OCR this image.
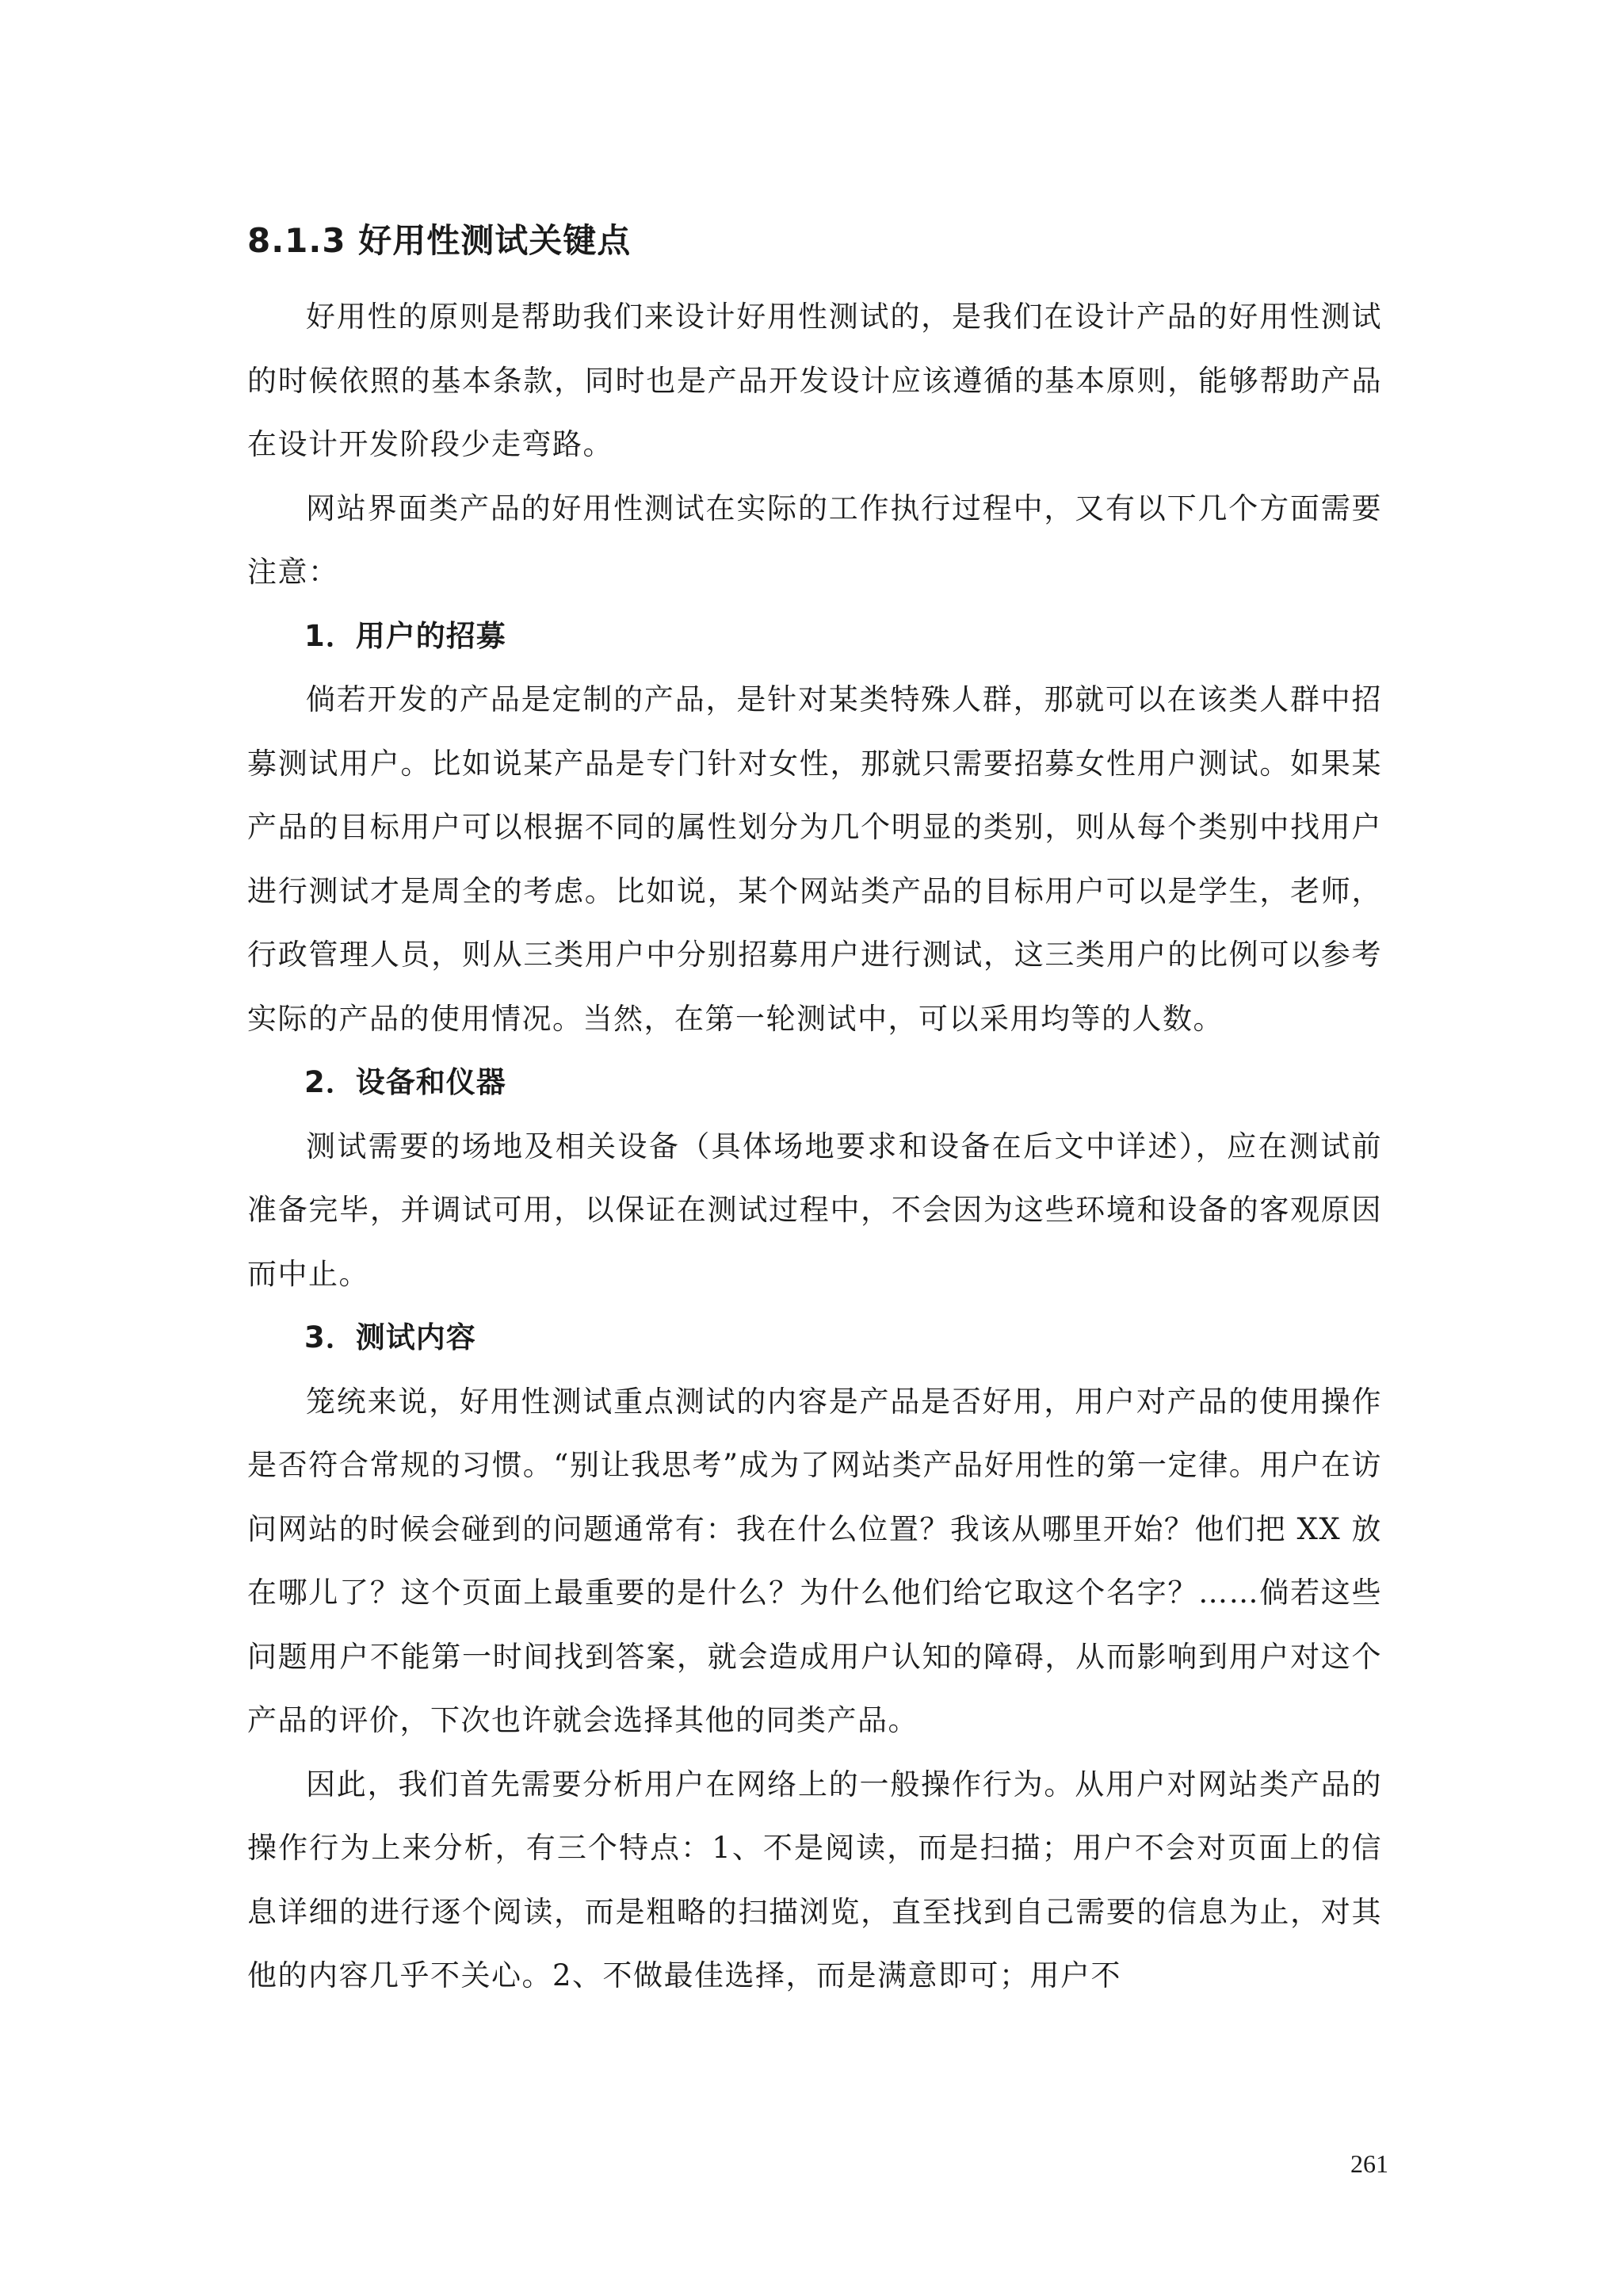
8.1.3 好用性测试关键点

好用性的原则是帮助我们来设计好用性测试的，是我们在设计产品的好用性测试的时候依照的基本条款，同时也是产品开发设计应该遵循的基本原则，能够帮助产品在设计开发阶段少走弯路。

网站界面类产品的好用性测试在实际的工作执行过程中，又有以下几个方面需要注意：

1．用户的招募

倘若开发的产品是定制的产品，是针对某类特殊人群，那就可以在该类人群中招募测试用户。比如说某产品是专门针对女性，那就只需要招募女性用户测试。如果某产品的目标用户可以根据不同的属性划分为几个明显的类别，则从每个类别中找用户进行测试才是周全的考虑。比如说，某个网站类产品的目标用户可以是学生，老师，行政管理人员，则从三类用户中分别招募用户进行测试，这三类用户的比例可以参考实际的产品的使用情况。当然，在第一轮测试中，可以采用均等的人数。

2．设备和仪器

测试需要的场地及相关设备（具体场地要求和设备在后文中详述），应在测试前准备完毕，并调试可用，以保证在测试过程中，不会因为这些环境和设备的客观原因而中止。

3．测试内容

笼统来说，好用性测试重点测试的内容是产品是否好用，用户对产品的使用操作是否符合常规的习惯。“别让我思考”成为了网站类产品好用性的第一定律。用户在访问网站的时候会碰到的问题通常有：我在什么位置？我该从哪里开始？他们把 XX 放在哪儿了？这个页面上最重要的是什么？为什么他们给它取这个名字？……倘若这些问题用户不能第一时间找到答案，就会造成用户认知的障碍，从而影响到用户对这个产品的评价，下次也许就会选择其他的同类产品。

因此，我们首先需要分析用户在网络上的一般操作行为。从用户对网站类产品的操作行为上来分析，有三个特点：1、不是阅读，而是扫描；用户不会对页面上的信息详细的进行逐个阅读，而是粗略的扫描浏览，直至找到自己需要的信息为止，对其他的内容几乎不关心。2、不做最佳选择，而是满意即可；用户不

261
